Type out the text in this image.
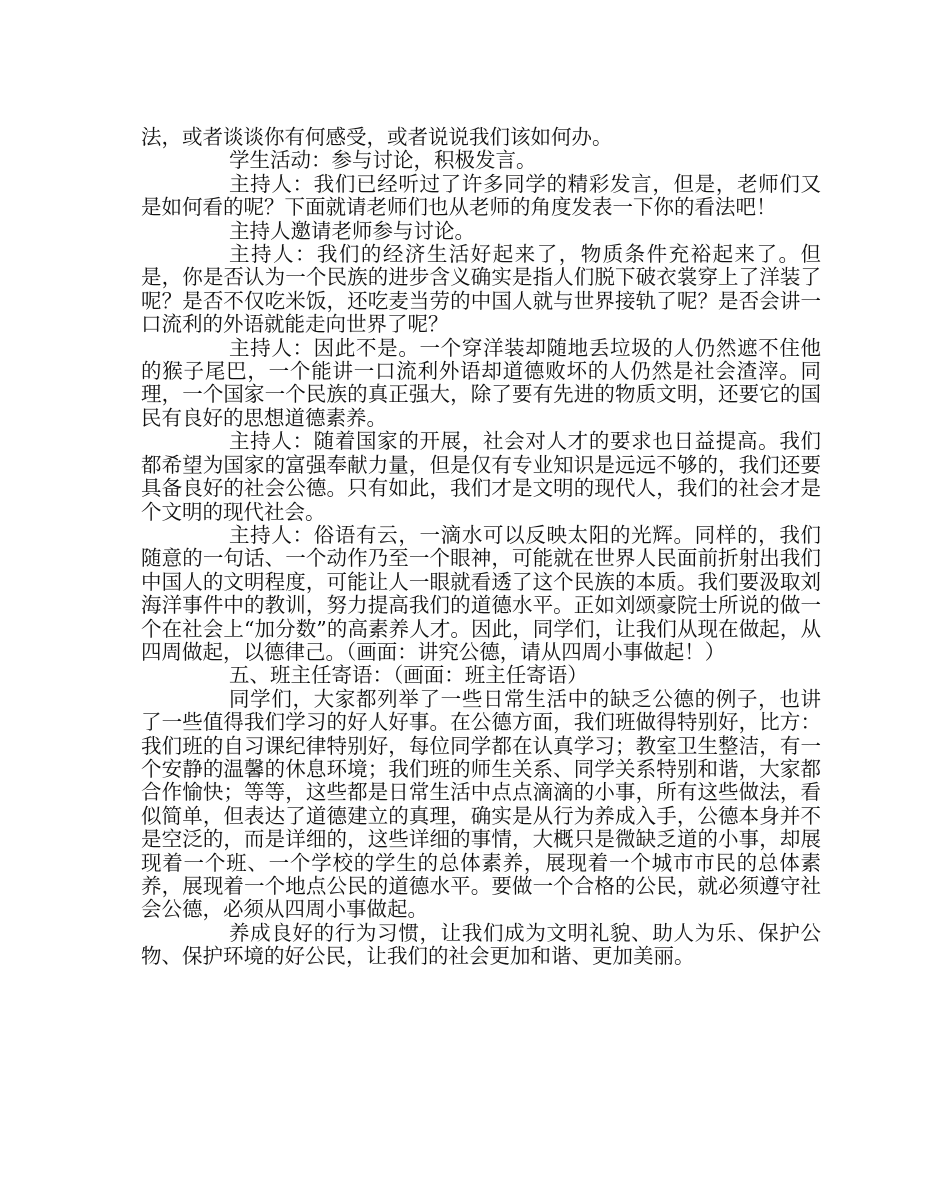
法，或者谈谈你有何感受，或者说说我们该如何办。

学生活动：参与讨论，积极发言。

主持人：我们已经听过了许多同学的精彩发言，但是，老师们又是如何看的呢？下面就请老师们也从老师的角度发表一下你的看法吧！

主持人邀请老师参与讨论。

主持人：我们的经济生活好起来了，物质条件充裕起来了。但是，你是否认为一个民族的进步含义确实是指人们脱下破衣裳穿上了洋装了呢？是否不仅吃米饭，还吃麦当劳的中国人就与世界接轨了呢？是否会讲一口流利的外语就能走向世界了呢？

主持人：因此不是。一个穿洋装却随地丢垃圾的人仍然遮不住他的猴子尾巴，一个能讲一口流利外语却道德败坏的人仍然是社会渣滓。同理，一个国家一个民族的真正强大，除了要有先进的物质文明，还要它的国民有良好的思想道德素养。

主持人：随着国家的开展，社会对人才的要求也日益提高。我们都希望为国家的富强奉献力量，但是仅有专业知识是远远不够的，我们还要具备良好的社会公德。只有如此，我们才是文明的现代人，我们的社会才是个文明的现代社会。

主持人：俗语有云，一滴水可以反映太阳的光辉。同样的，我们随意的一句话、一个动作乃至一个眼神，可能就在世界人民面前折射出我们中国人的文明程度，可能让人一眼就看透了这个民族的本质。我们要汲取刘海洋事件中的教训，努力提高我们的道德水平。正如刘颂豪院士所说的做一个在社会上“加分数”的高素养人才。因此，同学们，让我们从现在做起，从四周做起，以德律己。（画面：讲究公德，请从四周小事做起！）

五、班主任寄语：（画面：班主任寄语）

同学们，大家都列举了一些日常生活中的缺乏公德的例子，也讲了一些值得我们学习的好人好事。在公德方面，我们班做得特别好，比方：我们班的自习课纪律特别好，每位同学都在认真学习；教室卫生整洁，有一个安静的温馨的休息环境；我们班的师生关系、同学关系特别和谐，大家都合作愉快；等等，这些都是日常生活中点点滴滴的小事，所有这些做法，看似简单，但表达了道德建立的真理，确实是从行为养成入手，公德本身并不是空泛的，而是详细的，这些详细的事情，大概只是微缺乏道的小事，却展现着一个班、一个学校的学生的总体素养，展现着一个城市市民的总体素养，展现着一个地点公民的道德水平。要做一个合格的公民，就必须遵守社会公德，必须从四周小事做起。

养成良好的行为习惯，让我们成为文明礼貌、助人为乐、保护公物、保护环境的好公民，让我们的社会更加和谐、更加美丽。
